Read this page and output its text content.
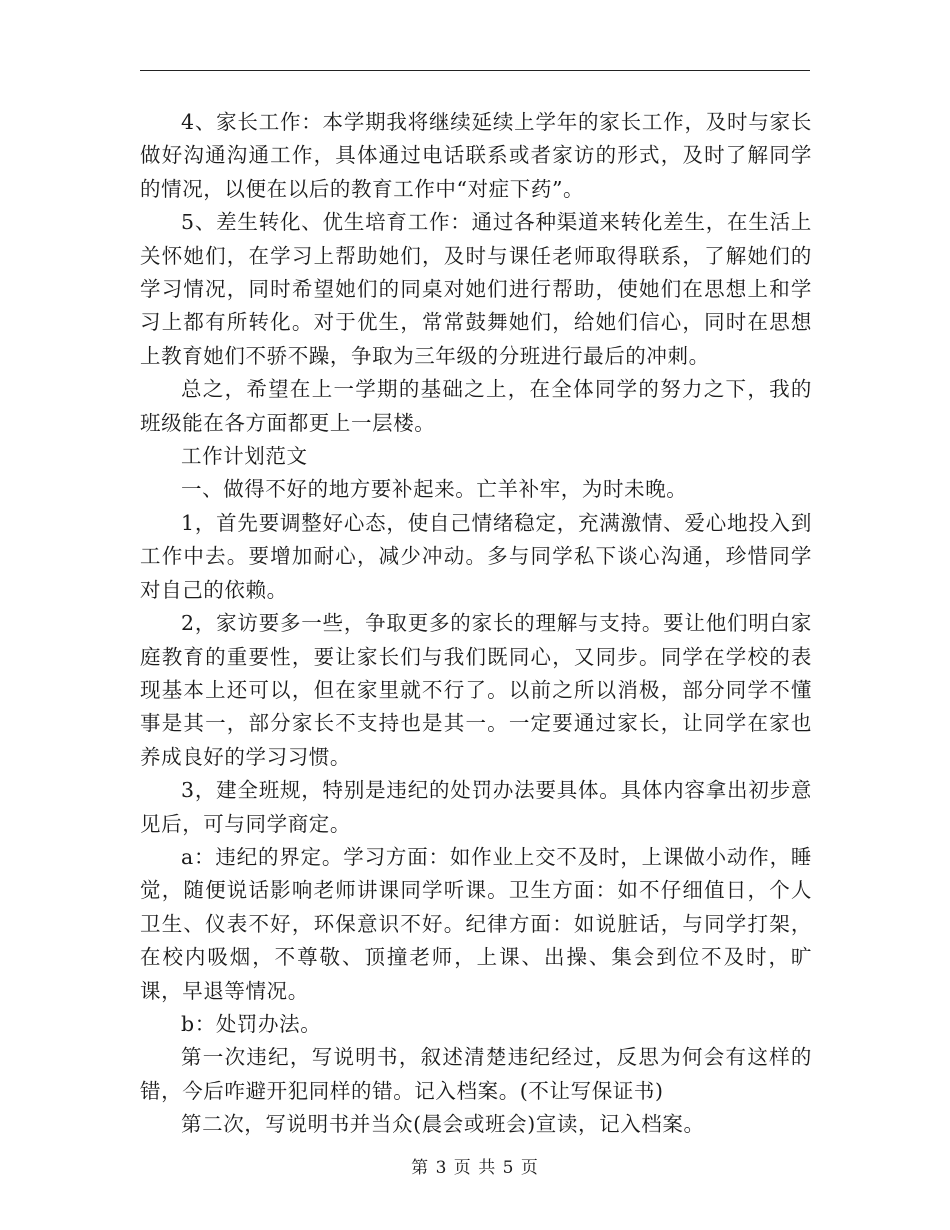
4、家长工作：本学期我将继续延续上学年的家长工作，及时与家长做好沟通沟通工作，具体通过电话联系或者家访的形式，及时了解同学的情况，以便在以后的教育工作中“对症下药”。

5、差生转化、优生培育工作：通过各种渠道来转化差生，在生活上关怀她们，在学习上帮助她们，及时与课任老师取得联系，了解她们的学习情况，同时希望她们的同桌对她们进行帮助，使她们在思想上和学习上都有所转化。对于优生，常常鼓舞她们，给她们信心，同时在思想上教育她们不骄不躁，争取为三年级的分班进行最后的冲刺。

总之，希望在上一学期的基础之上，在全体同学的努力之下，我的班级能在各方面都更上一层楼。

工作计划范文

一、做得不好的地方要补起来。亡羊补牢，为时未晚。

1，首先要调整好心态，使自己情绪稳定，充满激情、爱心地投入到工作中去。要增加耐心，减少冲动。多与同学私下谈心沟通，珍惜同学对自己的依赖。

2，家访要多一些，争取更多的家长的理解与支持。要让他们明白家庭教育的重要性，要让家长们与我们既同心，又同步。同学在学校的表现基本上还可以，但在家里就不行了。以前之所以消极，部分同学不懂事是其一，部分家长不支持也是其一。一定要通过家长，让同学在家也养成良好的学习习惯。

3，建全班规，特别是违纪的处罚办法要具体。具体内容拿出初步意见后，可与同学商定。

a：违纪的界定。学习方面：如作业上交不及时，上课做小动作，睡觉，随便说话影响老师讲课同学听课。卫生方面：如不仔细值日，个人卫生、仪表不好，环保意识不好。纪律方面：如说脏话，与同学打架，在校内吸烟，不尊敬、顶撞老师，上课、出操、集会到位不及时，旷课，早退等情况。

b：处罚办法。

第一次违纪，写说明书，叙述清楚违纪经过，反思为何会有这样的错，今后咋避开犯同样的错。记入档案。(不让写保证书)

第二次，写说明书并当众(晨会或班会)宣读，记入档案。

第 3 页 共 5 页
